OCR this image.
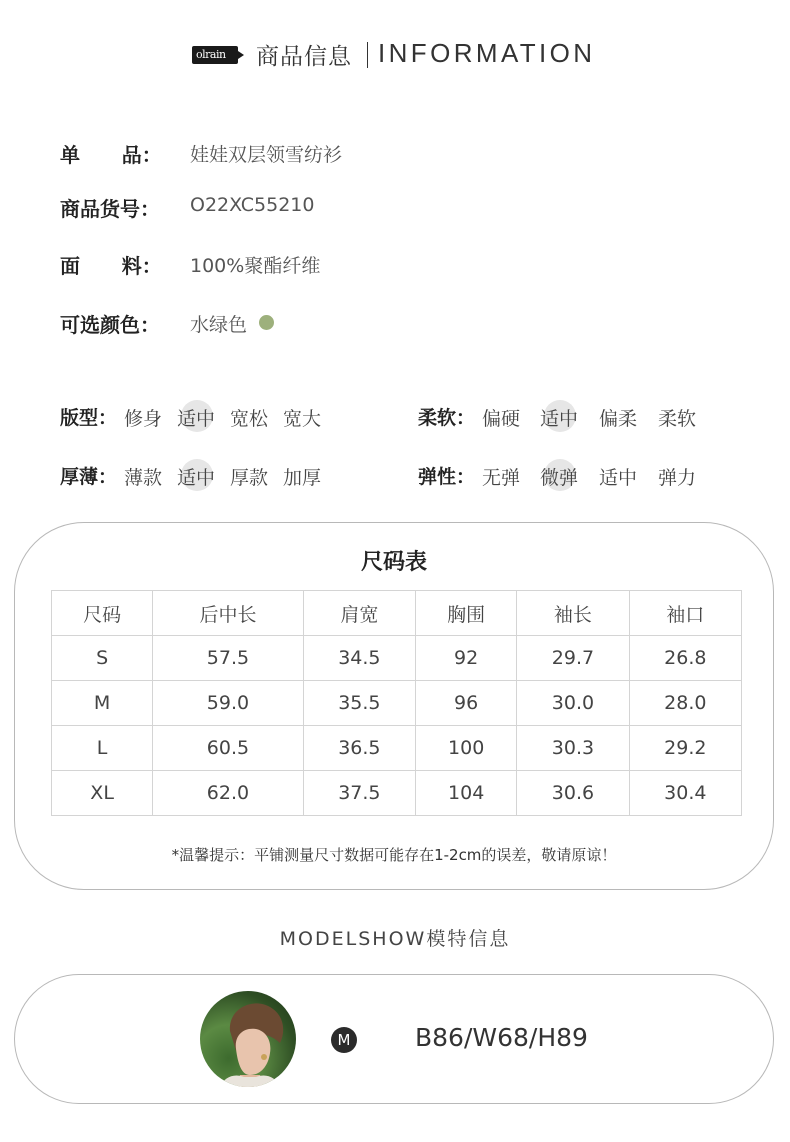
olrain	商品信息 INFORMATION
单      品： 娃娃双层领雪纺衫
商品货号： O22XC55210
面      料： 100%聚酯纤维
可选颜色： 水绿色
版型： 修身 适中 宽松 宽大	柔软： 偏硬 适中 偏柔 柔软
厚薄： 薄款 适中 厚款 加厚	弹性： 无弹 微弹 适中 弹力
尺码表
尺码	后中长	肩宽	胸围	袖长	袖口
S	57.5	34.5	92	29.7	26.8
M	59.0	35.5	96	30.0	28.0
L	60.5	36.5	100	30.3	29.2
XL	62.0	37.5	104	30.6	30.4
*温馨提示：平铺测量尺寸数据可能存在1-2cm的误差，敬请原谅！
MODELSHOW模特信息
M	B86/W68/H89
